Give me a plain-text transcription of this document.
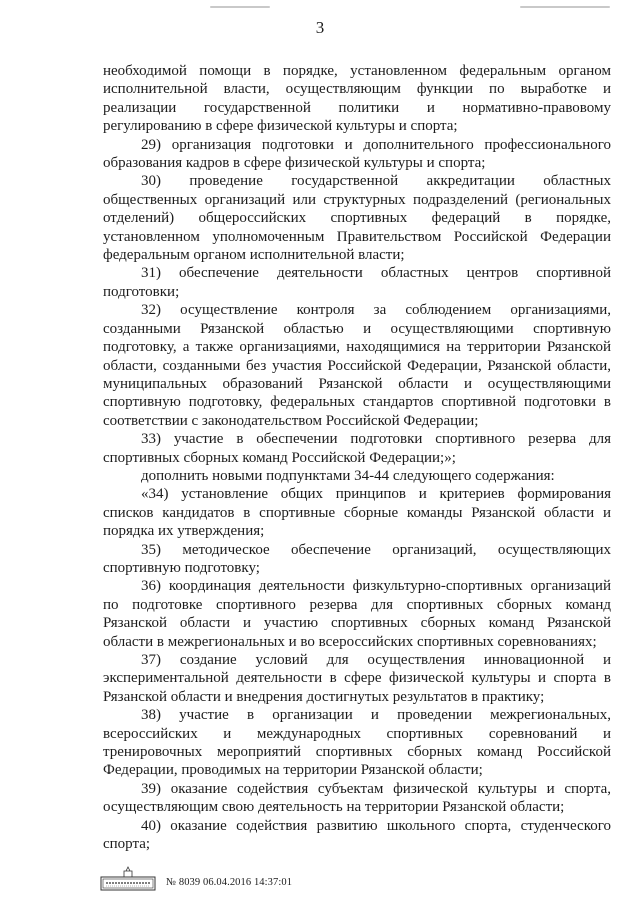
3
необходимой помощи в порядке, установленном федеральным органом
исполнительной власти, осуществляющим функции по выработке и
реализации государственной политики и нормативно-правовому
регулированию в сфере физической культуры и спорта;
29) организация подготовки и дополнительного профессионального
образования кадров в сфере физической культуры и спорта;
30) проведение государственной аккредитации областных
общественных организаций или структурных подразделений (региональных
отделений) общероссийских спортивных федераций в порядке,
установленном уполномоченным Правительством Российской Федерации
федеральным органом исполнительной власти;
31) обеспечение деятельности областных центров спортивной
подготовки;
32) осуществление контроля за соблюдением организациями,
созданными Рязанской областью и осуществляющими спортивную
подготовку, а также организациями, находящимися на территории Рязанской
области, созданными без участия Российской Федерации, Рязанской области,
муниципальных образований Рязанской области и осуществляющими
спортивную подготовку, федеральных стандартов спортивной подготовки в
соответствии с законодательством Российской Федерации;
33) участие в обеспечении подготовки спортивного резерва для
спортивных сборных команд Российской Федерации;»;
дополнить новыми подпунктами 34-44 следующего содержания:
«34) установление общих принципов и критериев формирования
списков кандидатов в спортивные сборные команды Рязанской области и
порядка их утверждения;
35) методическое обеспечение организаций, осуществляющих
спортивную подготовку;
36) координация деятельности физкультурно-спортивных организаций
по подготовке спортивного резерва для спортивных сборных команд
Рязанской области и участию спортивных сборных команд Рязанской
области в межрегиональных и во всероссийских спортивных соревнованиях;
37) создание условий для осуществления инновационной и
экспериментальной деятельности в сфере физической культуры и спорта в
Рязанской области и внедрения достигнутых результатов в практику;
38) участие в организации и проведении межрегиональных,
всероссийских и международных спортивных соревнований и
тренировочных мероприятий спортивных сборных команд Российской
Федерации, проводимых на территории Рязанской области;
39) оказание содействия субъектам физической культуры и спорта,
осуществляющим свою деятельность на территории Рязанской области;
40) оказание содействия развитию школьного спорта, студенческого
спорта;
№ 8039 06.04.2016 14:37:01
